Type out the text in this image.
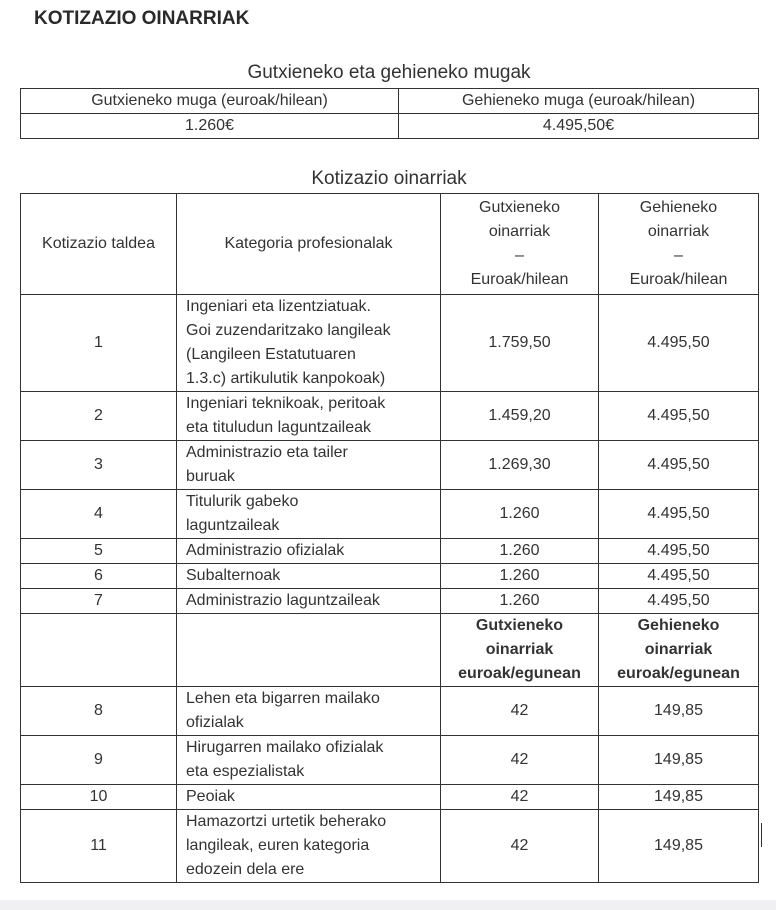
KOTIZAZIO OINARRIAK
Gutxieneko eta gehieneko mugak
Gutxieneko muga (euroak/hilean)	Gehieneko muga (euroak/hilean)
1.260€	4.495,50€
Kotizazio oinarriak
Kotizazio taldea	Kategoria profesionalak	Gutxieneko
oinarriak
–
Euroak/hilean	Gehieneko
oinarriak
–
Euroak/hilean

1	Ingeniari eta lizentziatuak.
Goi zuzendaritzako langileak
(Langileen Estatutuaren
1.3.c) artikulutik kanpokoak)	1.759,50	4.495,50
2	Ingeniari teknikoak, peritoak
eta tituludun laguntzaileak	1.459,20	4.495,50
3	Administrazio eta tailer
buruak	1.269,30	4.495,50
4	Titulurik gabeko
laguntzaileak	1.260	4.495,50
5	Administrazio ofizialak	1.260	4.495,50
6	Subalternoak	1.260	4.495,50
7	Administrazio laguntzaileak	1.260	4.495,50

		Gutxieneko
oinarriak
euroak/egunean	Gehieneko
oinarriak
euroak/egunean

8	Lehen eta bigarren mailako
ofizialak	42	149,85
9	Hirugarren mailako ofizialak
eta espezialistak	42	149,85
10	Peoiak	42	149,85
11	Hamazortzi urtetik beherako
langileak, euren kategoria
edozein dela ere	42	149,85
